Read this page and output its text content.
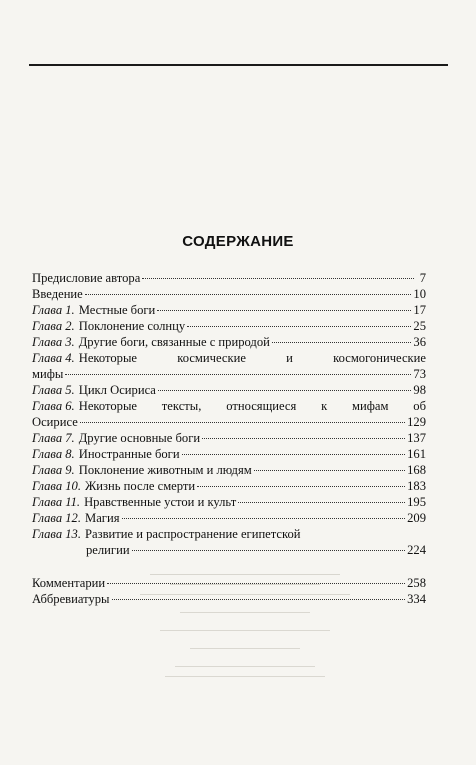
СОДЕРЖАНИЕ
Предисловие автора	7
Введение	10
Глава 1. Местные боги	17
Глава 2. Поклонение солнцу	25
Глава 3. Другие боги, связанные с природой	36
Глава 4. Некоторые космические и космогонические
мифы	73
Глава 5. Цикл Осириса	98
Глава 6. Некоторые тексты, относящиеся к мифам об
Осирисе	129
Глава 7. Другие основные боги	137
Глава 8. Иностранные боги	161
Глава 9. Поклонение животным и людям	168
Глава 10. Жизнь после смерти	183
Глава 11. Нравственные устои и культ	195
Глава 12. Магия	209
Глава 13. Развитие и распространение египетской
религии	224
Комментарии	258
Аббревиатуры	334
